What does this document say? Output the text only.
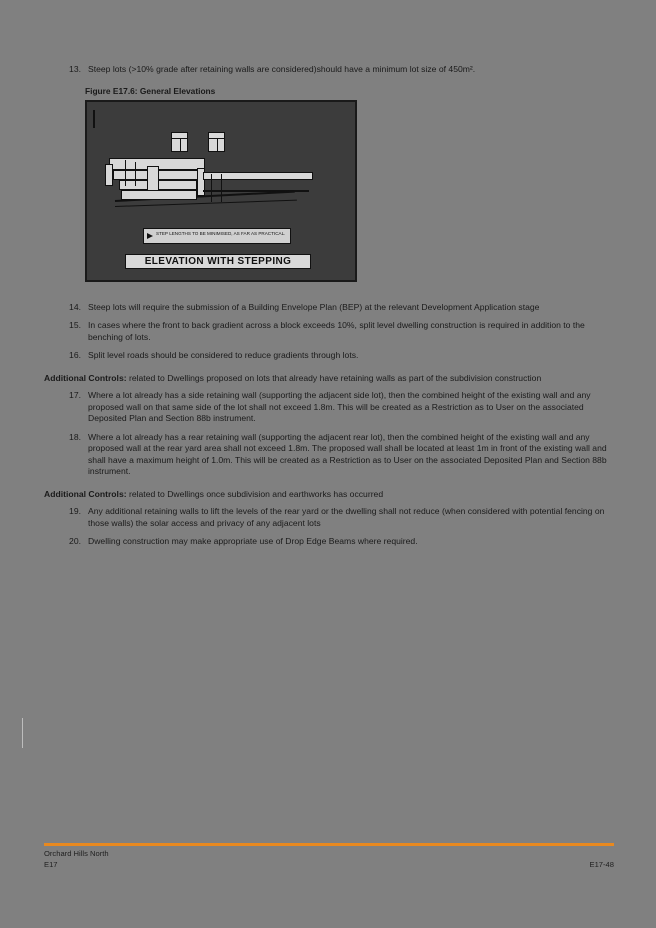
13. Steep lots (>10% grade after retaining walls are considered)should have a minimum lot size of 450m².
Figure E17.6: General Elevations
STEP LENGTHS TO BE MINIMISED, AS FAR AS PRACTICAL.
ELEVATION WITH STEPPING
14. Steep lots will require the submission of a Building Envelope Plan (BEP) at the relevant Development Application stage
15. In cases where the front to back gradient across a block exceeds 10%, split level dwelling construction is required in addition to the benching of lots.
16. Split level roads should be considered to reduce gradients through lots.
Additional Controls: related to Dwellings proposed on lots that already have retaining walls as part of the subdivision construction
17. Where a lot already has a side retaining wall (supporting the adjacent side lot), then the combined height of the existing wall and any proposed wall on that same side of the lot shall not exceed 1.8m. This will be created as a Restriction as to User on the associated Deposited Plan and Section 88b instrument.
18. Where a lot already has a rear retaining wall (supporting the adjacent rear lot), then the combined height of the existing wall and any proposed wall at the rear yard area shall not exceed 1.8m. The proposed wall shall be located at least 1m in front of the existing wall and shall have a maximum height of 1.0m. This will be created as a Restriction as to User on the associated Deposited Plan and Section 88b instrument.
Additional Controls: related to Dwellings once subdivision and earthworks has occurred
19. Any additional retaining walls to lift the levels of the rear yard or the dwelling shall not reduce (when considered with potential fencing on those walls) the solar access and privacy of any adjacent lots
20. Dwelling construction may make appropriate use of Drop Edge Beams where required.
Orchard Hills North
E17	E17-48
